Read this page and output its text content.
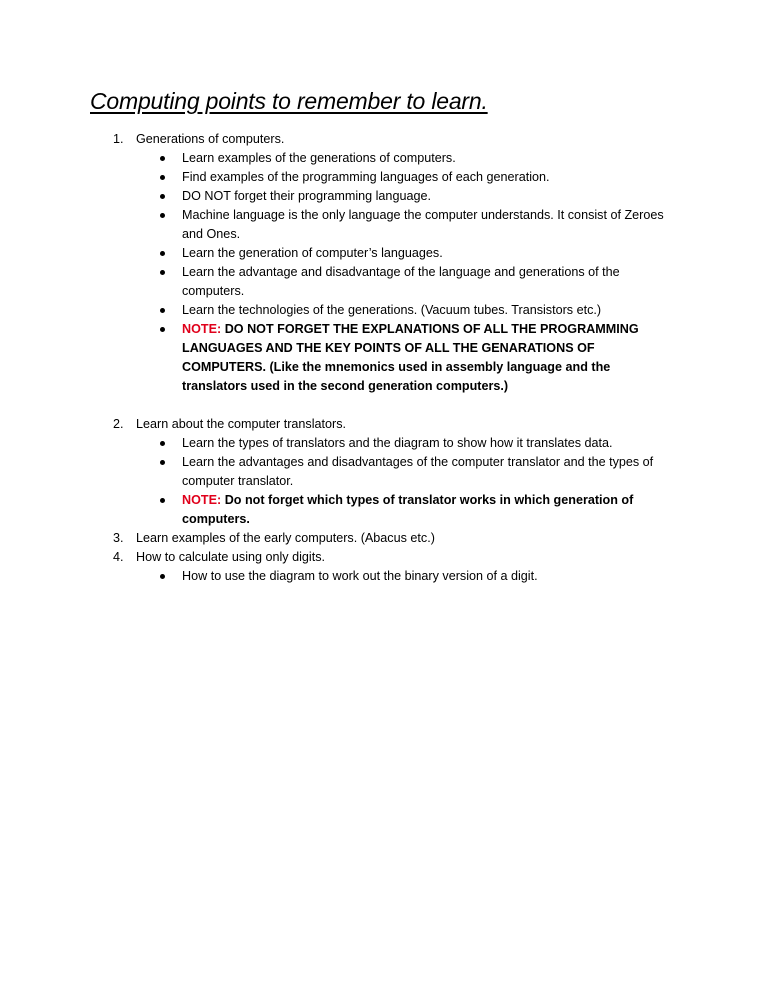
Computing points to remember to learn.
1. Generations of computers.
Learn examples of the generations of computers.
Find examples of the programming languages of each generation.
DO NOT forget their programming language.
Machine language is the only language the computer understands. It consist of Zeroes and Ones.
Learn the generation of computer’s languages.
Learn the advantage and disadvantage of the language and generations of the computers.
Learn the technologies of the generations. (Vacuum tubes. Transistors etc.)
NOTE: DO NOT FORGET THE EXPLANATIONS OF ALL THE PROGRAMMING LANGUAGES AND THE KEY POINTS OF ALL THE GENARATIONS OF COMPUTERS. (Like the mnemonics used in assembly language and the translators used in the second generation computers.)
2. Learn about the computer translators.
Learn the types of translators and the diagram to show how it translates data.
Learn the advantages and disadvantages of the computer translator and the types of computer translator.
NOTE: Do not forget which types of translator works in which generation of computers.
3. Learn examples of the early computers. (Abacus etc.)
4. How to calculate using only digits.
How to use the diagram to work out the binary version of a digit.
